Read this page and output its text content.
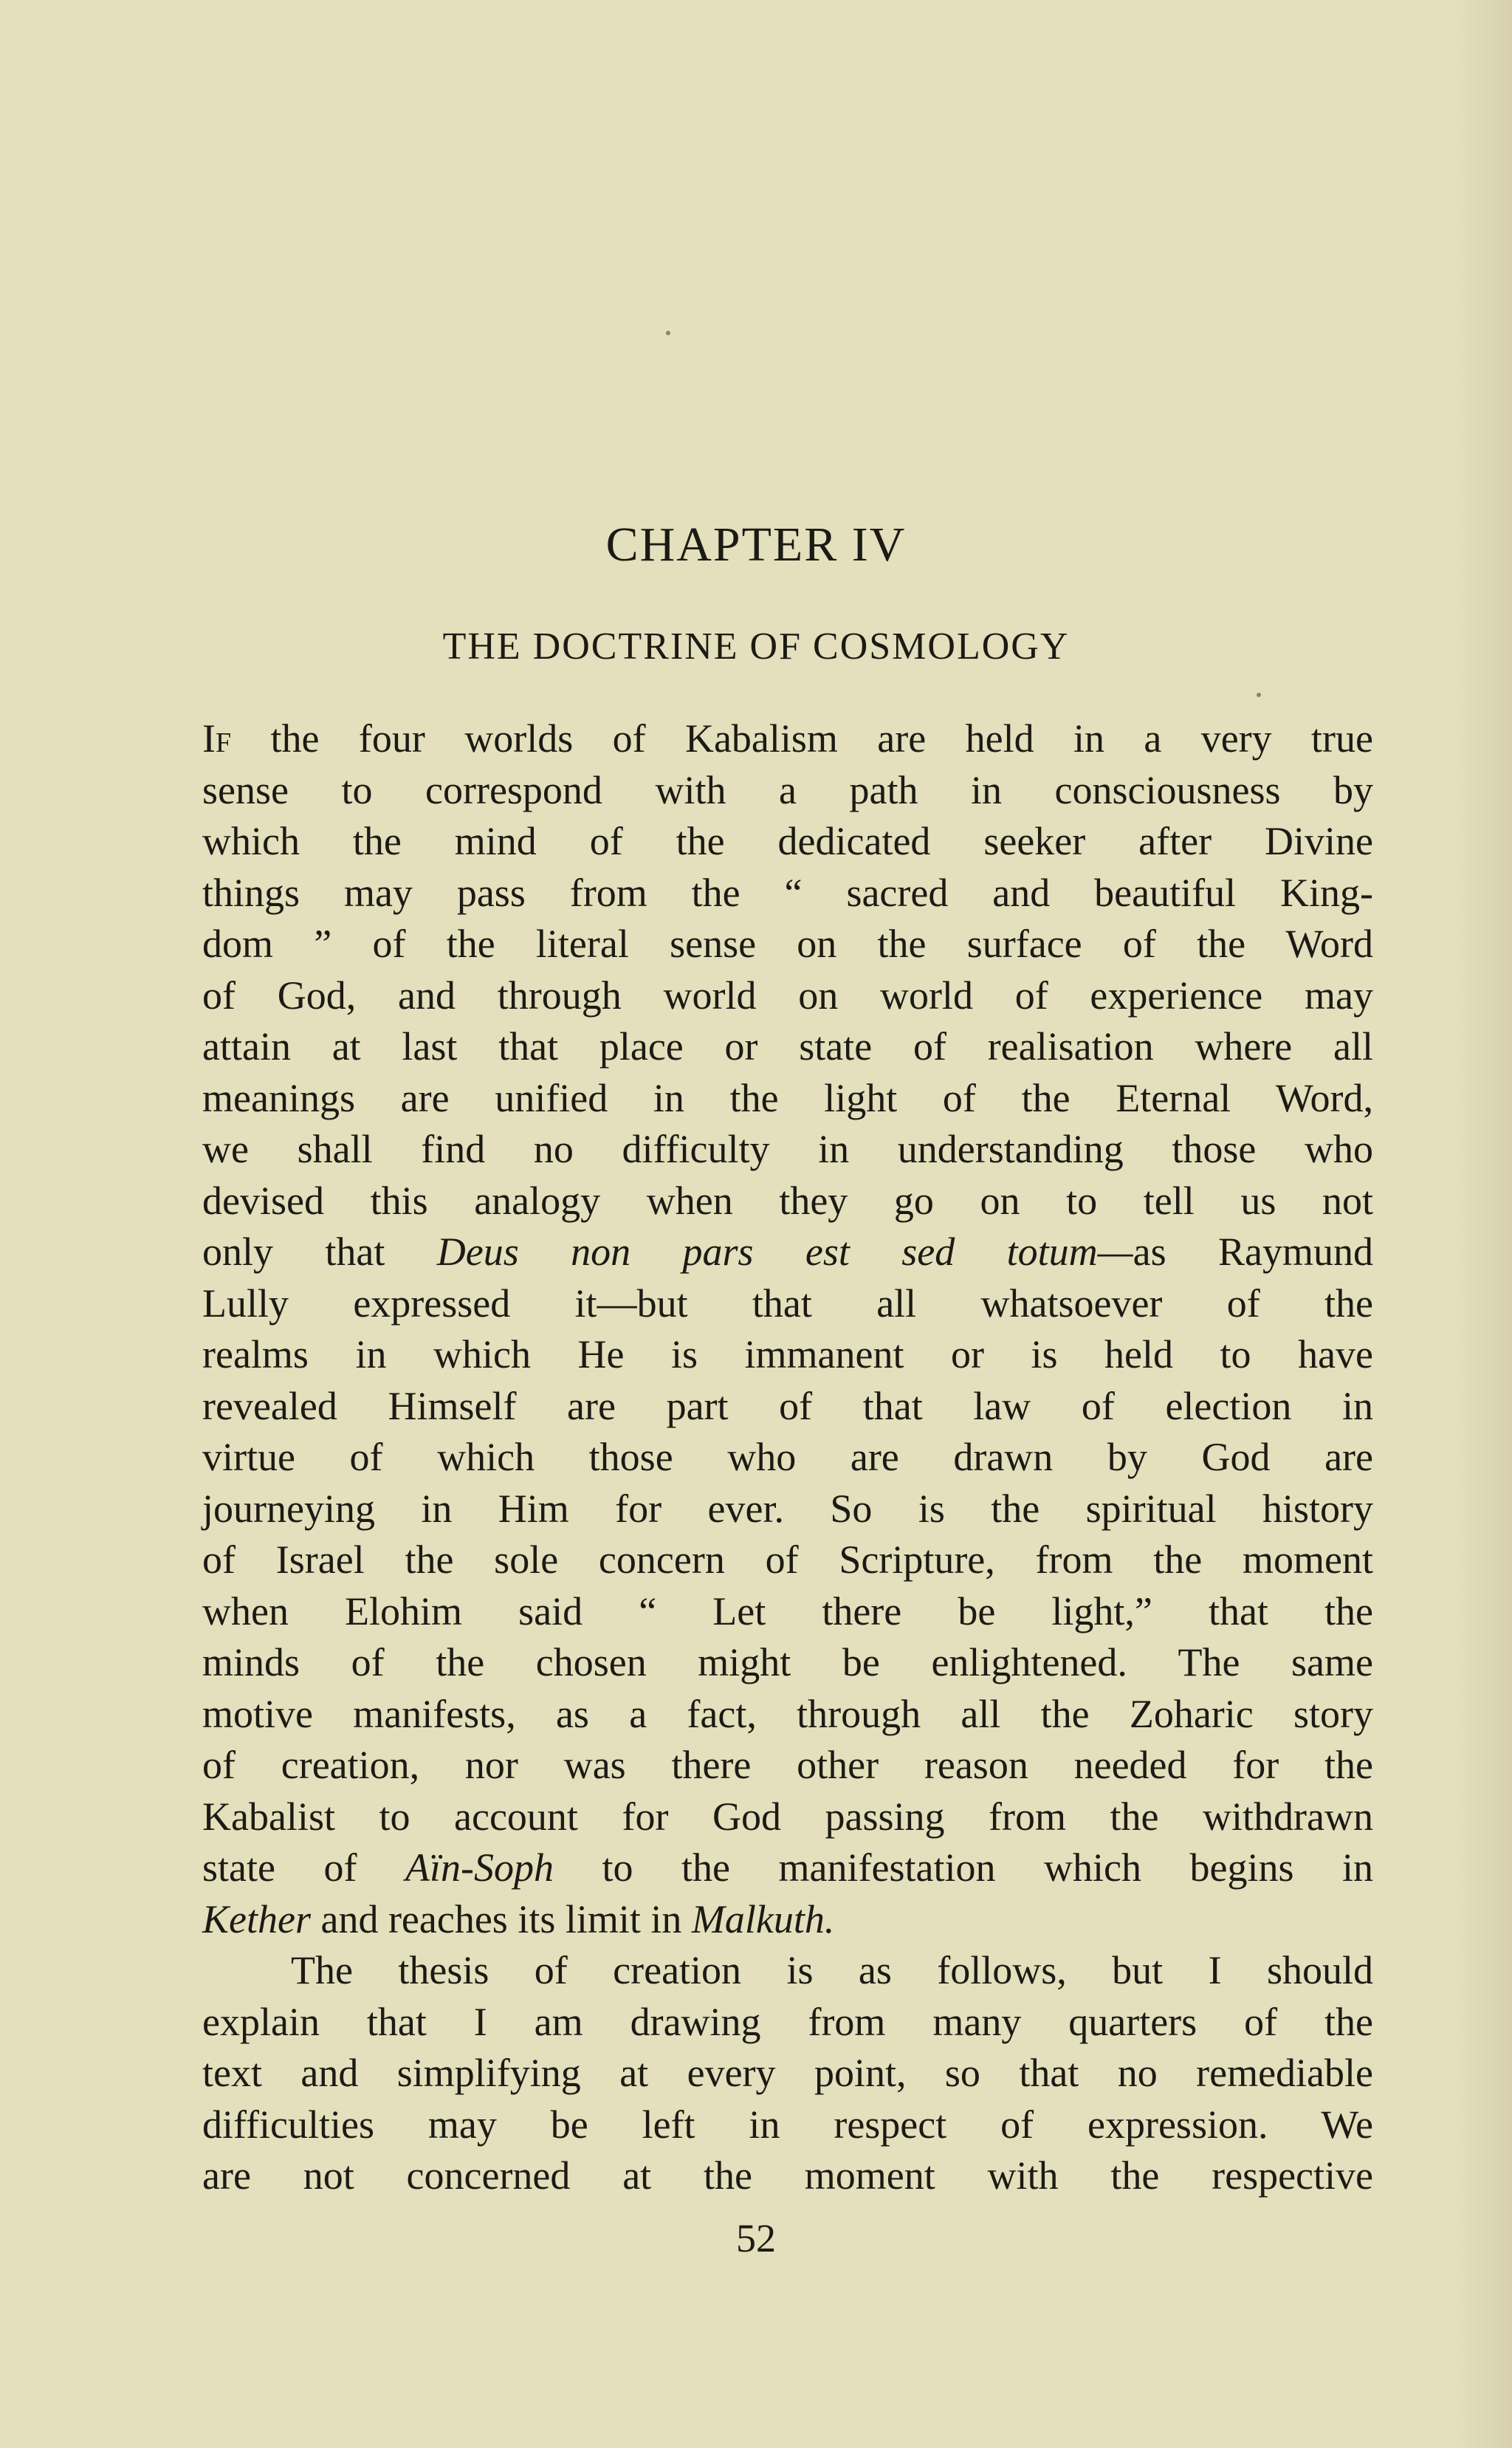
CHAPTER IV
THE DOCTRINE OF COSMOLOGY
If the four worlds of Kabalism are held in a very true
sense to correspond with a path in consciousness by
which the mind of the dedicated seeker after Divine
things may pass from the “ sacred and beautiful King-
dom ” of the literal sense on the surface of the Word
of God, and through world on world of experience may
attain at last that place or state of realisation where all
meanings are unified in the light of the Eternal Word,
we shall find no difficulty in understanding those who
devised this analogy when they go on to tell us not
only that Deus non pars est sed totum—as Raymund
Lully expressed it—but that all whatsoever of the
realms in which He is immanent or is held to have
revealed Himself are part of that law of election in
virtue of which those who are drawn by God are
journeying in Him for ever. So is the spiritual history
of Israel the sole concern of Scripture, from the moment
when Elohim said “ Let there be light,” that the
minds of the chosen might be enlightened. The same
motive manifests, as a fact, through all the Zoharic story
of creation, nor was there other reason needed for the
Kabalist to account for God passing from the withdrawn
state of Aïn-Soph to the manifestation which begins in
Kether and reaches its limit in Malkuth.
The thesis of creation is as follows, but I should
explain that I am drawing from many quarters of the
text and simplifying at every point, so that no remediable
difficulties may be left in respect of expression. We
are not concerned at the moment with the respective
52
